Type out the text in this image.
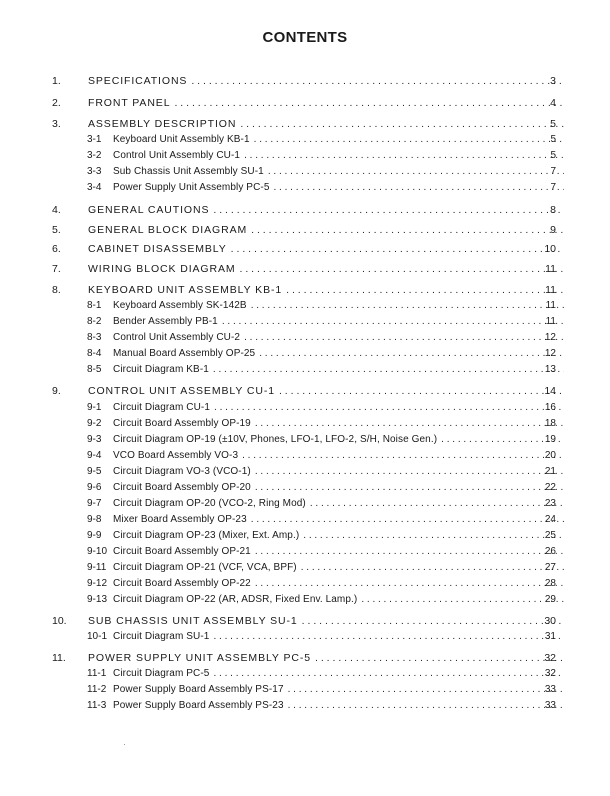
CONTENTS
1.	SPECIFICATIONS . . .	3
2.	FRONT PANEL . . .	4
3.	ASSEMBLY DESCRIPTION . . .	5
3-1	Keyboard Unit Assembly KB-1 . . .	5
3-2	Control Unit Assembly CU-1 . . .	5
3-3	Sub Chassis Unit Assembly SU-1 . . .	7
3-4	Power Supply Unit Assembly PC-5 . . .	7
4.	GENERAL CAUTIONS . . .	8
5.	GENERAL BLOCK DIAGRAM . . .	9
6.	CABINET DISASSEMBLY . . .	10
7.	WIRING BLOCK DIAGRAM . . .	11
8.	KEYBOARD UNIT ASSEMBLY KB-1 . . .	11
8-1	Keyboard Assembly SK-142B . . .	11
8-2	Bender Assembly PB-1 . . .	11
8-3	Control Unit Assembly CU-2 . . .	12
8-4	Manual Board Assembly OP-25 . . .	12
8-5	Circuit Diagram KB-1 . . .	13
9.	CONTROL UNIT ASSEMBLY CU-1 . . .	14
9-1	Circuit Diagram CU-1 . . .	16
9-2	Circuit Board Assembly OP-19 . . .	18
9-3	Circuit Diagram OP-19 (±10V, Phones, LFO-1, LFO-2, S/H, Noise Gen.) . . .	19
9-4	VCO Board Assembly VO-3 . . .	20
9-5	Circuit Diagram VO-3 (VCO-1) . . .	21
9-6	Circuit Board Assembly OP-20 . . .	22
9-7	Circuit Diagram OP-20 (VCO-2, Ring Mod) . . .	23
9-8	Mixer Board Assembly OP-23 . . .	24
9-9	Circuit Diagram OP-23 (Mixer, Ext. Amp.) . . .	25
9-10 Circuit Board Assembly OP-21 . . .	26
9-11 Circuit Diagram OP-21 (VCF, VCA, BPF) . . .	27
9-12 Circuit Board Assembly OP-22 . . .	28
9-13 Circuit Diagram OP-22 (AR, ADSR, Fixed Env. Lamp.) . . .	29
10.	SUB CHASSIS UNIT ASSEMBLY SU-1 . . .	30
10-1 Circuit Diagram SU-1 . . .	31
11.	POWER SUPPLY UNIT ASSEMBLY PC-5 . . .	32
11-1 Circuit Diagram PC-5 . . .	32
11-2 Power Supply Board Assembly PS-17 . . .	33
11-3 Power Supply Board Assembly PS-23 . . .	33
